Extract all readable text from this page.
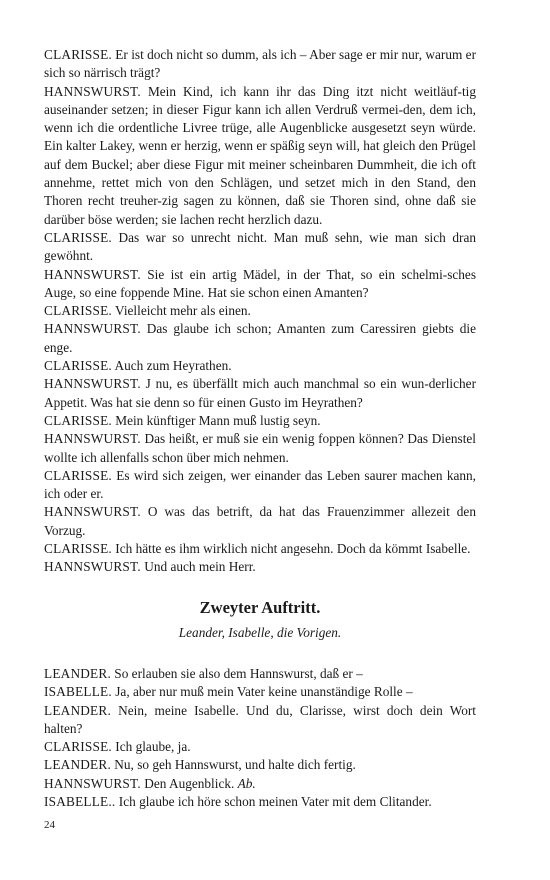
CLARISSE. Er ist doch nicht so dumm, als ich – Aber sage er mir nur, warum er sich so närrisch trägt?

HANNSWURST. Mein Kind, ich kann ihr das Ding itzt nicht weitläuf-tig auseinander setzen; in dieser Figur kann ich allen Verdruß vermei-den, dem ich, wenn ich die ordentliche Livree trüge, alle Augenblicke ausgesetzt seyn würde. Ein kalter Lakey, wenn er herzig, wenn er späßig seyn will, hat gleich den Prügel auf dem Buckel; aber diese Figur mit meiner scheinbaren Dummheit, die ich oft annehme, rettet mich von den Schlägen, und setzet mich in den Stand, den Thoren recht treuher-zig sagen zu können, daß sie Thoren sind, ohne daß sie darüber böse werden; sie lachen recht herzlich dazu.

CLARISSE. Das war so unrecht nicht. Man muß sehn, wie man sich dran gewöhnt.

HANNSWURST. Sie ist ein artig Mädel, in der That, so ein schelmi-sches Auge, so eine foppende Mine. Hat sie schon einen Amanten?

CLARISSE. Vielleicht mehr als einen.

HANNSWURST. Das glaube ich schon; Amanten zum Caressiren giebts die enge.

CLARISSE. Auch zum Heyrathen.

HANNSWURST. J nu, es überfällt mich auch manchmal so ein wun-derlicher Appetit. Was hat sie denn so für einen Gusto im Heyrathen?

CLARISSE. Mein künftiger Mann muß lustig seyn.

HANNSWURST. Das heißt, er muß sie ein wenig foppen können? Das Dienstel wollte ich allenfalls schon über mich nehmen.

CLARISSE. Es wird sich zeigen, wer einander das Leben saurer machen kann, ich oder er.

HANNSWURST. O was das betrift, da hat das Frauenzimmer allezeit den Vorzug.

CLARISSE. Ich hätte es ihm wirklich nicht angesehn. Doch da kömmt Isabelle.

HANNSWURST. Und auch mein Herr.

Zweyter Auftritt.
Leander, Isabelle, die Vorigen.

LEANDER. So erlauben sie also dem Hannswurst, daß er –

ISABELLE. Ja, aber nur muß mein Vater keine unanständige Rolle –

LEANDER. Nein, meine Isabelle. Und du, Clarisse, wirst doch dein Wort halten?

CLARISSE. Ich glaube, ja.

LEANDER. Nu, so geh Hannswurst, und halte dich fertig.

HANNSWURST. Den Augenblick. Ab.

ISABELLE.. Ich glaube ich höre schon meinen Vater mit dem Clitander.

24
